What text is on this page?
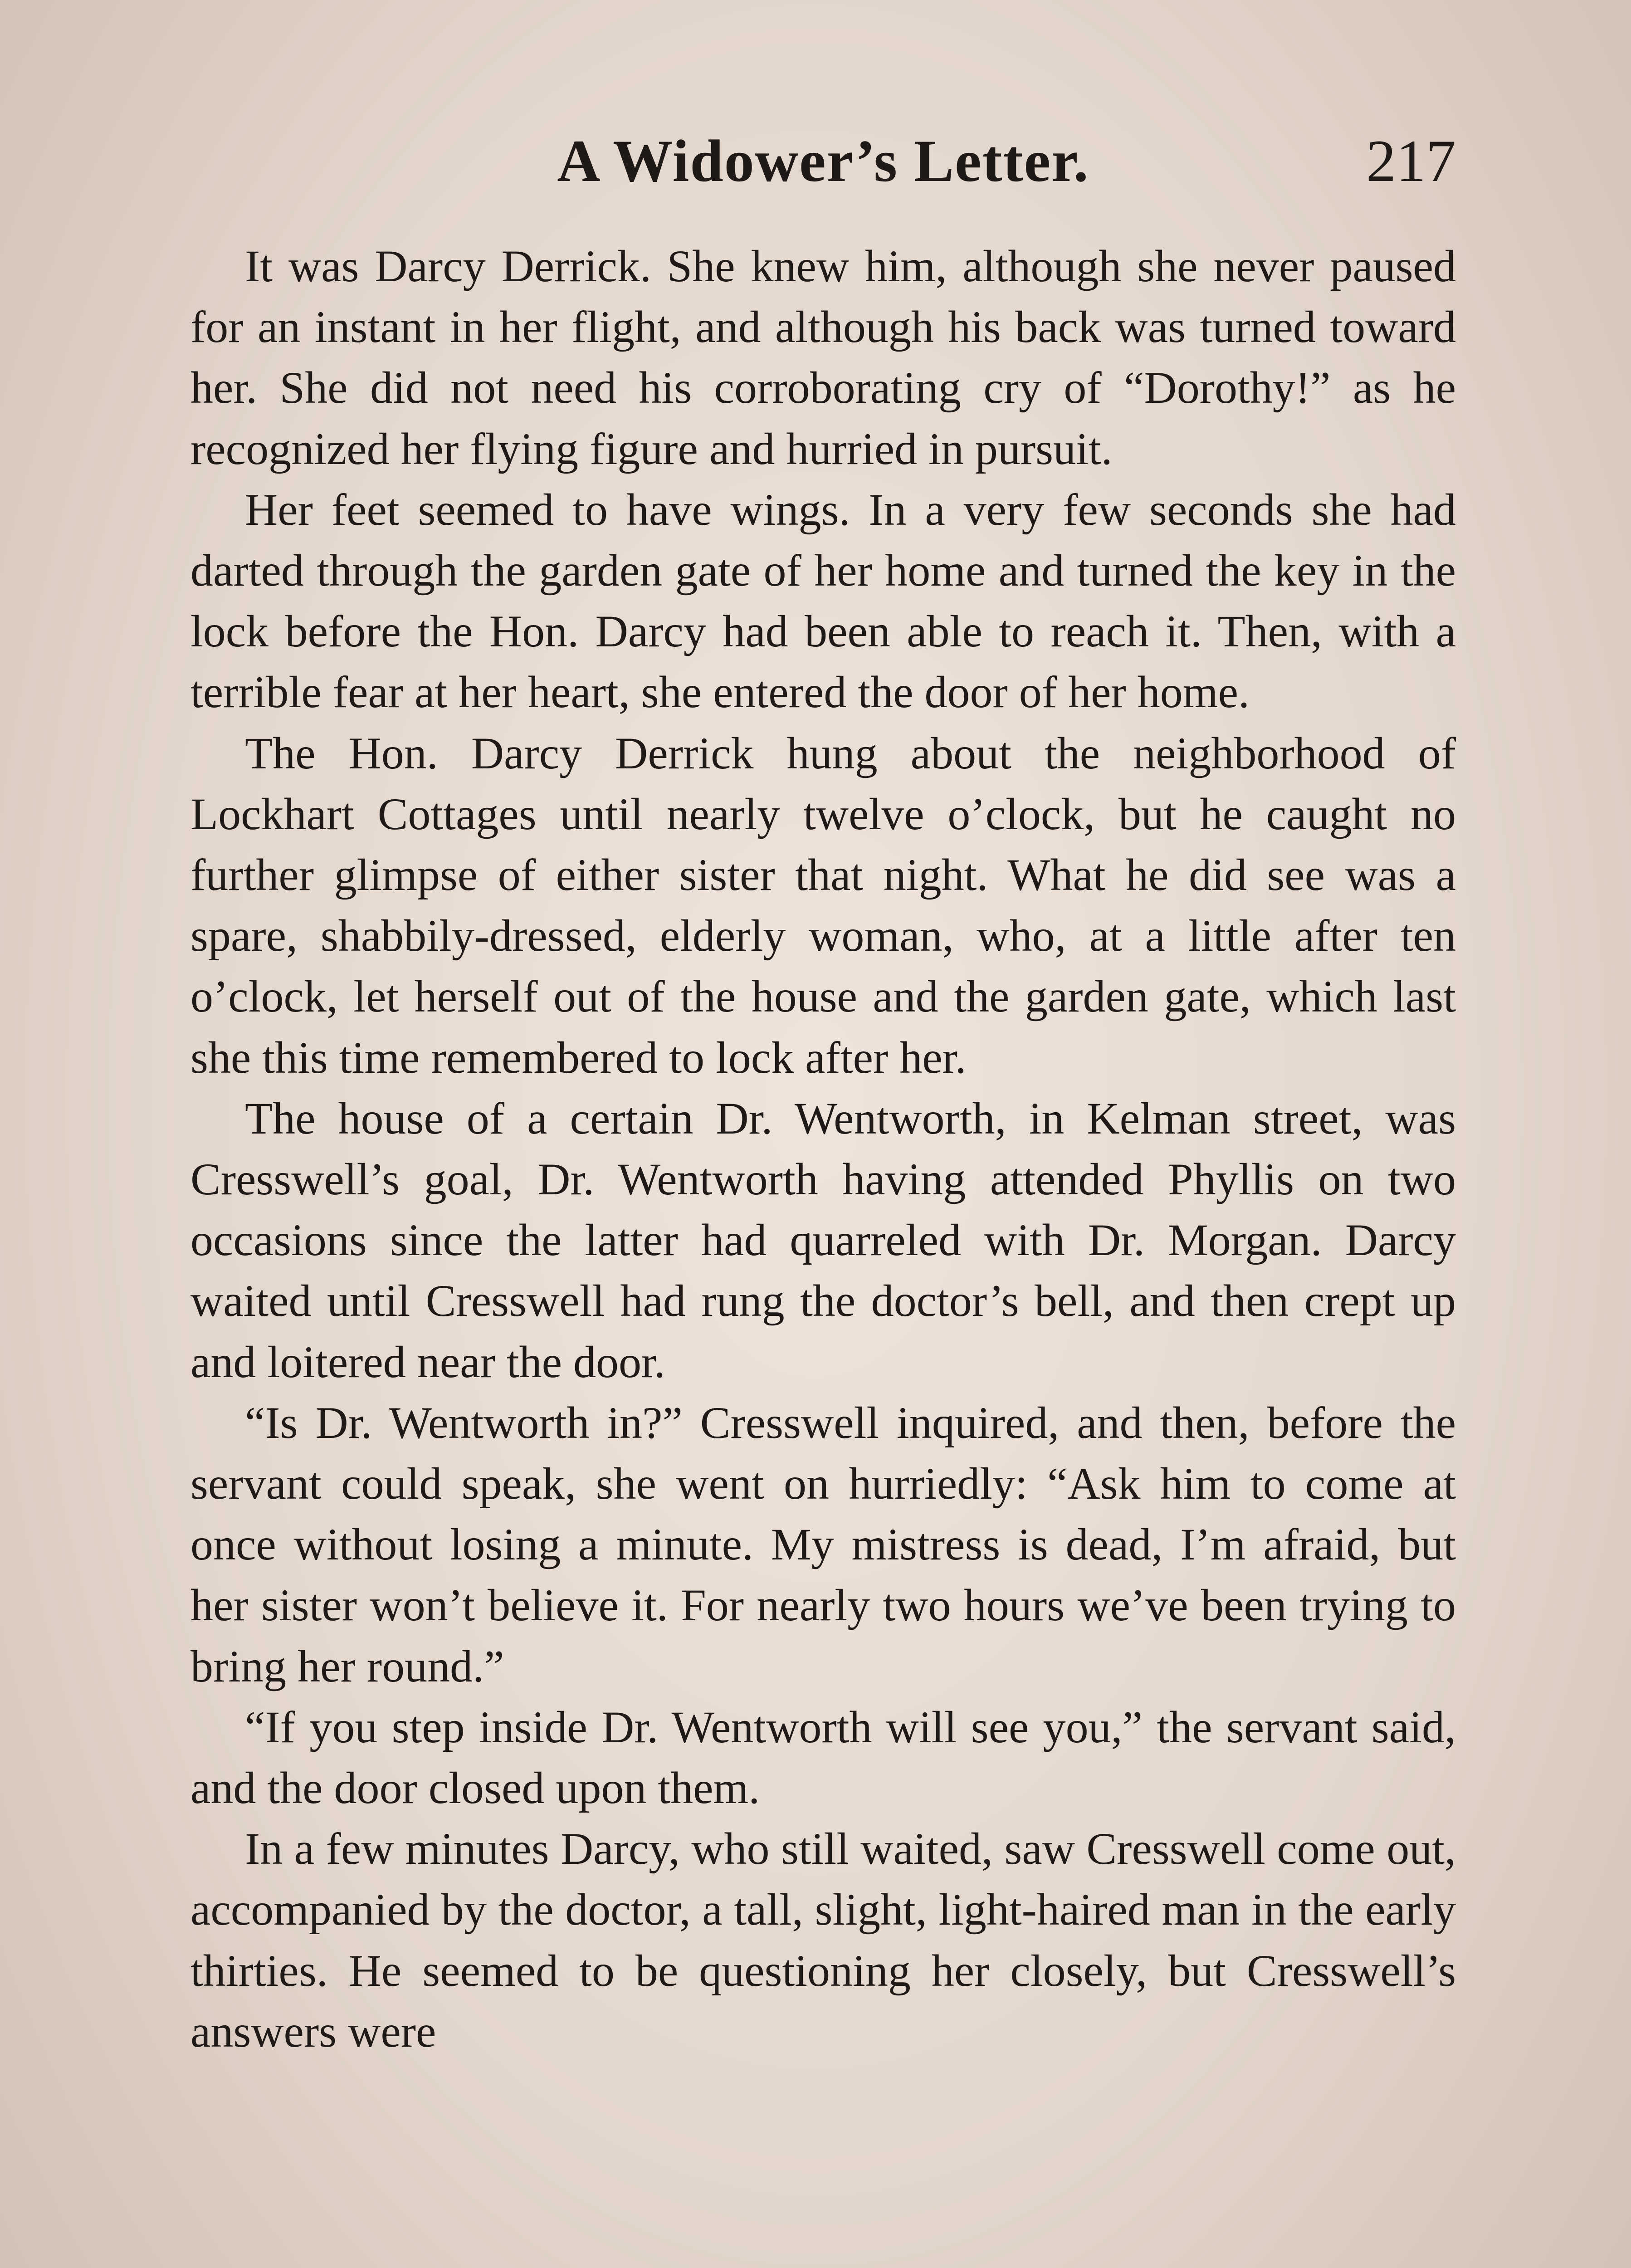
A Widower’s Letter.	217

It was Darcy Derrick. She knew him, although she never paused for an instant in her flight, and although his back was turned toward her. She did not need his corroborating cry of “Dorothy!” as he recognized her flying figure and hurried in pursuit.

Her feet seemed to have wings. In a very few seconds she had darted through the garden gate of her home and turned the key in the lock before the Hon. Darcy had been able to reach it. Then, with a terrible fear at her heart, she entered the door of her home.

The Hon. Darcy Derrick hung about the neighborhood of Lockhart Cottages until nearly twelve o’clock, but he caught no further glimpse of either sister that night. What he did see was a spare, shabbily-dressed, elderly woman, who, at a little after ten o’clock, let herself out of the house and the garden gate, which last she this time remembered to lock after her.

The house of a certain Dr. Wentworth, in Kelman street, was Cresswell’s goal, Dr. Wentworth having attended Phyllis on two occasions since the latter had quarreled with Dr. Morgan. Darcy waited until Cresswell had rung the doctor’s bell, and then crept up and loitered near the door.

“Is Dr. Wentworth in?” Cresswell inquired, and then, before the servant could speak, she went on hurriedly: “Ask him to come at once without losing a minute. My mistress is dead, I’m afraid, but her sister won’t believe it. For nearly two hours we’ve been trying to bring her round.”

“If you step inside Dr. Wentworth will see you,” the servant said, and the door closed upon them.

In a few minutes Darcy, who still waited, saw Cresswell come out, accompanied by the doctor, a tall, slight, light-haired man in the early thirties. He seemed to be questioning her closely, but Cresswell’s answers were
